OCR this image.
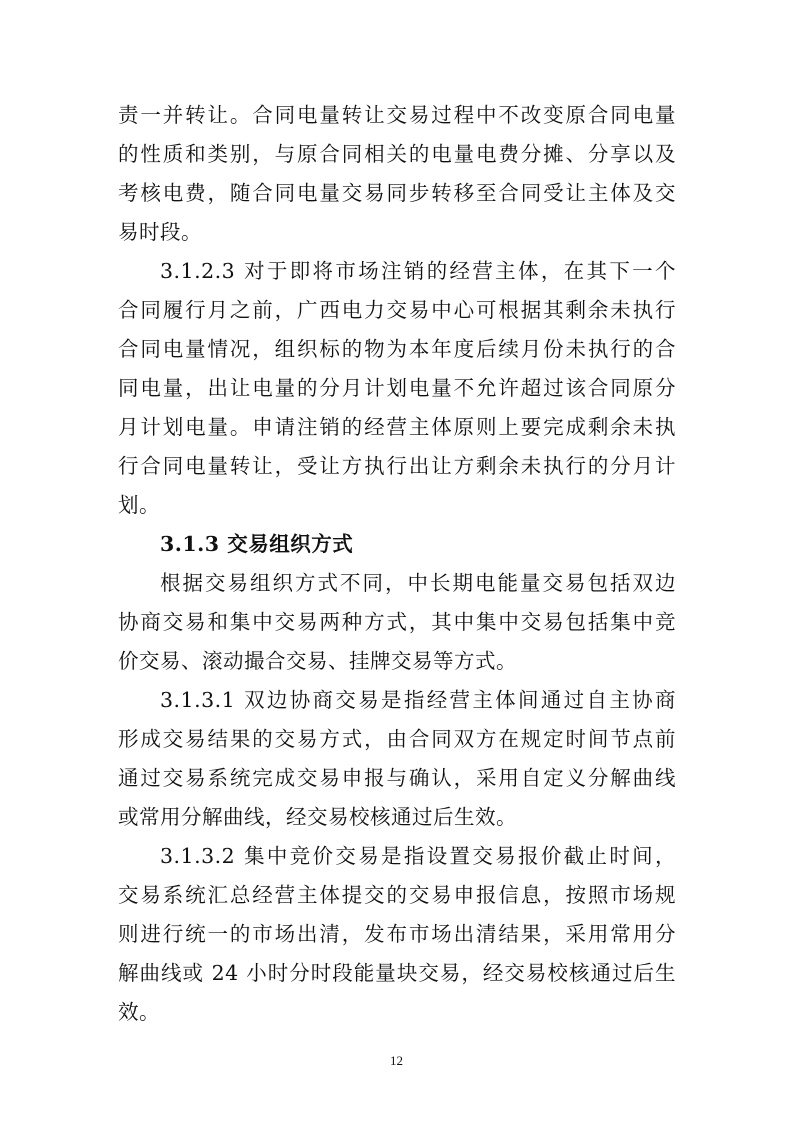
责一并转让。合同电量转让交易过程中不改变原合同电量
的性质和类别，与原合同相关的电量电费分摊、分享以及
考核电费，随合同电量交易同步转移至合同受让主体及交
易时段。
3.1.2.3 对于即将市场注销的经营主体，在其下一个
合同履行月之前，广西电力交易中心可根据其剩余未执行
合同电量情况，组织标的物为本年度后续月份未执行的合
同电量，出让电量的分月计划电量不允许超过该合同原分
月计划电量。申请注销的经营主体原则上要完成剩余未执
行合同电量转让，受让方执行出让方剩余未执行的分月计
划。
3.1.3 交易组织方式
根据交易组织方式不同，中长期电能量交易包括双边
协商交易和集中交易两种方式，其中集中交易包括集中竞
价交易、滚动撮合交易、挂牌交易等方式。
3.1.3.1 双边协商交易是指经营主体间通过自主协商
形成交易结果的交易方式，由合同双方在规定时间节点前
通过交易系统完成交易申报与确认，采用自定义分解曲线
或常用分解曲线，经交易校核通过后生效。
3.1.3.2 集中竞价交易是指设置交易报价截止时间，
交易系统汇总经营主体提交的交易申报信息，按照市场规
则进行统一的市场出清，发布市场出清结果，采用常用分
解曲线或 24 小时分时段能量块交易，经交易校核通过后生
效。
12
